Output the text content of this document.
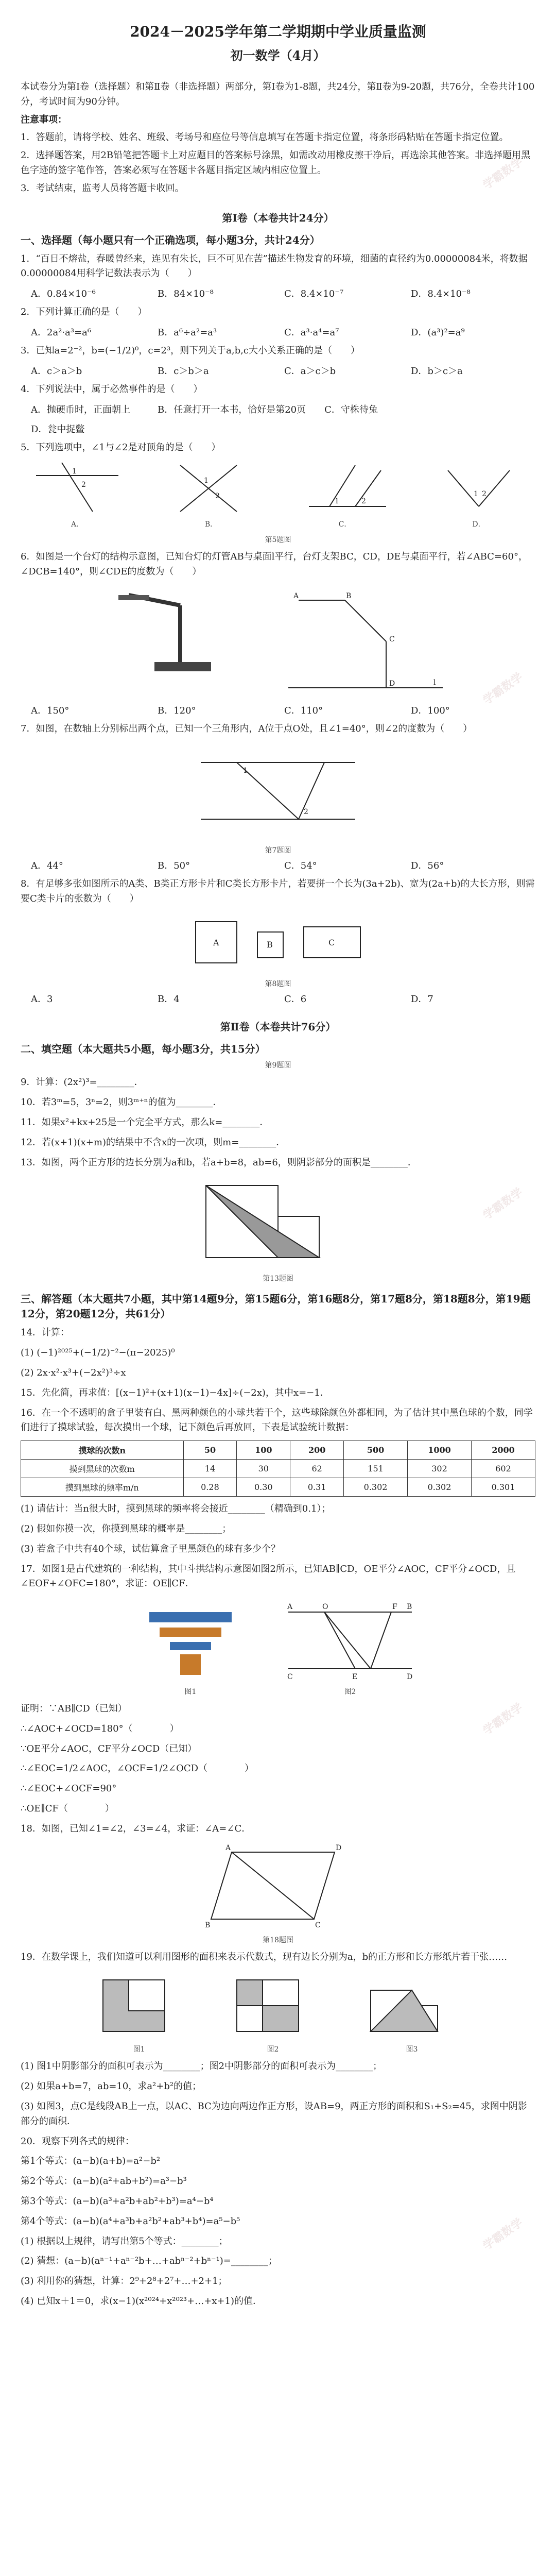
学霸数学
学霸数学
学霸数学
学霸数学
学霸数学
2024－2025学年第二学期期中学业质量监测
初一数学（4月）
本试卷分为第Ⅰ卷（选择题）和第Ⅱ卷（非选择题）两部分，第Ⅰ卷为1-8题，共24分，第Ⅱ卷为9-20题，共76分，全卷共计100分，考试时间为90分钟。
注意事项：
1．答题前，请将学校、姓名、班级、考场号和座位号等信息填写在答题卡指定位置，将条形码粘贴在答题卡指定位置。
2．选择题答案，用2B铅笔把答题卡上对应题目的答案标号涂黑，如需改动用橡皮擦干净后，再选涂其他答案。非选择题用黑色字迹的签字笔作答，答案必须写在答题卡各题目指定区域内相应位置上。
3．考试结束，监考人员将答题卡收回。
第Ⅰ卷（本卷共计24分）
一、选择题（每小题只有一个正确选项，每小题3分，共计24分）
1．“百日不熔盐，春暖曾经来，连见有朱长，巨不可见在苦”描述生物发育的环境，细菌的直径约为0.00000084米，将数据0.00000084用科学记数法表示为（　　）
A．0.84×10⁻⁶	B．84×10⁻⁸	C．8.4×10⁻⁷	D．8.4×10⁻⁸
2．下列计算正确的是（　　）
A．2a²·a³=a⁶	B．a⁶÷a²=a³	C．a³·a⁴=a⁷	D．(a³)²=a⁹
3．已知a=2⁻²，b=(−1/2)⁰，c=2³，则下列关于a,b,c大小关系正确的是（　　）
A．c＞a＞b	B．c＞b＞a	C．a＞c＞b	D．b＞c＞a
4．下列说法中，属于必然事件的是（　　）
A．抛硬币时，正面朝上	B．任意打开一本书，恰好是第20页 C．守株待兔
D．瓮中捉鳖
5．下列选项中，∠1与∠2是对顶角的是（　　）
1
2
A．
1
2
B．
1	2
C．
1 2
D．
第5题图
6．如图是一个台灯的结构示意图，已知台灯的灯管AB与桌面l平行，台灯支架BC，CD，DE与桌面平行，若∠ABC=60°，∠DCB=140°，则∠CDE的度数为（　　）
A	B
C
D	l
A．150°	B．120°	C．110°	D．100°
7．如图，在数轴上分别标出两个点，已知一个三角形内，A位于点O处，且∠1=40°，则∠2的度数为（　　）
1
2
第7题图
A．44°	B．50°	C．54°	D．56°
8．有足够多张如图所示的A类、B类正方形卡片和C类长方形卡片，若要拼一个长为(3a+2b)、宽为(2a+b)的大长方形，则需要C类卡片的张数为（　　）
A	B	C
第8题图
A．3	B．4	C．6	D．7
第Ⅱ卷（本卷共计76分）
二、填空题（本大题共5小题，每小题3分，共15分）
第9题图
9．计算：(2x²)³=________．
10．若3ᵐ=5，3ⁿ=2，则3ᵐ⁺ⁿ的值为________．
11．如果x²+kx+25是一个完全平方式，那么k=________．
12．若(x+1)(x+m)的结果中不含x的一次项，则m=________．
13．如图，两个正方形的边长分别为a和b，若a+b=8，ab=6，则阴影部分的面积是________．
第13题图
三、解答题（本大题共7小题，其中第14题9分，第15题6分，第16题8分，第17题8分，第18题8分，第19题12分，第20题12分，共61分）
14．计算：
(1) (−1)²⁰²⁵+(−1/2)⁻²−(π−2025)⁰
(2) 2x·x²·x³+(−2x²)³÷x
15．先化简，再求值：[(x−1)²+(x+1)(x−1)−4x]÷(−2x)，其中x=−1．
16．在一个不透明的盒子里装有白、黑两种颜色的小球共若干个，这些球除颜色外都相同，为了估计其中黑色球的个数，同学们进行了摸球试验，每次摸出一个球，记下颜色后再放回，下表是试验统计数据：
摸球的次数n	50	100	200	500	1000	2000
摸到黑球的次数m	14	30	62	151	302	602
摸到黑球的频率m/n	0.28	0.30	0.31	0.302	0.302	0.301
(1) 请估计：当n很大时，摸到黑球的频率将会接近________（精确到0.1）；
(2) 假如你摸一次，你摸到黑球的概率是________；
(3) 若盒子中共有40个球，试估算盒子里黑颜色的球有多少个？
17．如图1是古代建筑的一种结构，其中斗拱结构示意图如图2所示，已知AB∥CD，OE平分∠AOC，CF平分∠OCD，且∠EOF+∠OFC=180°，求证：OE∥CF．
图1
A	B
C	D
O
E
F
图2
证明：∵AB∥CD（已知）
∴∠AOC+∠OCD=180°（　　　　）
∵OE平分∠AOC，CF平分∠OCD（已知）
∴∠EOC=1/2∠AOC，∠OCF=1/2∠OCD（　　　　）
∴∠EOC+∠OCF=90°
∴OE∥CF（　　　　）
18．如图，已知∠1=∠2，∠3=∠4，求证：∠A=∠C．
A	D
C
B
第18题图
19．在数学课上，我们知道可以利用图形的面积来表示代数式，现有边长分别为a，b的正方形和长方形纸片若干张……
图1	图2	图3
(1) 图1中阴影部分的面积可表示为________；图2中阴影部分的面积可表示为________；
(2) 如果a+b=7，ab=10，求a²+b²的值；
(3) 如图3，点C是线段AB上一点，以AC、BC为边向两边作正方形，设AB=9，两正方形的面积和S₁+S₂=45，求图中阴影部分的面积．
20．观察下列各式的规律：
第1个等式：(a−b)(a+b)=a²−b²
第2个等式：(a−b)(a²+ab+b²)=a³−b³
第3个等式：(a−b)(a³+a²b+ab²+b³)=a⁴−b⁴
第4个等式：(a−b)(a⁴+a³b+a²b²+ab³+b⁴)=a⁵−b⁵
(1) 根据以上规律，请写出第5个等式：________；
(2) 猜想：(a−b)(aⁿ⁻¹+aⁿ⁻²b+…+abⁿ⁻²+bⁿ⁻¹)=________；
(3) 利用你的猜想，计算：2⁹+2⁸+2⁷+…+2+1；
(4) 已知x＋1＝0，求(x−1)(x²⁰²⁴+x²⁰²³+…+x+1)的值．
